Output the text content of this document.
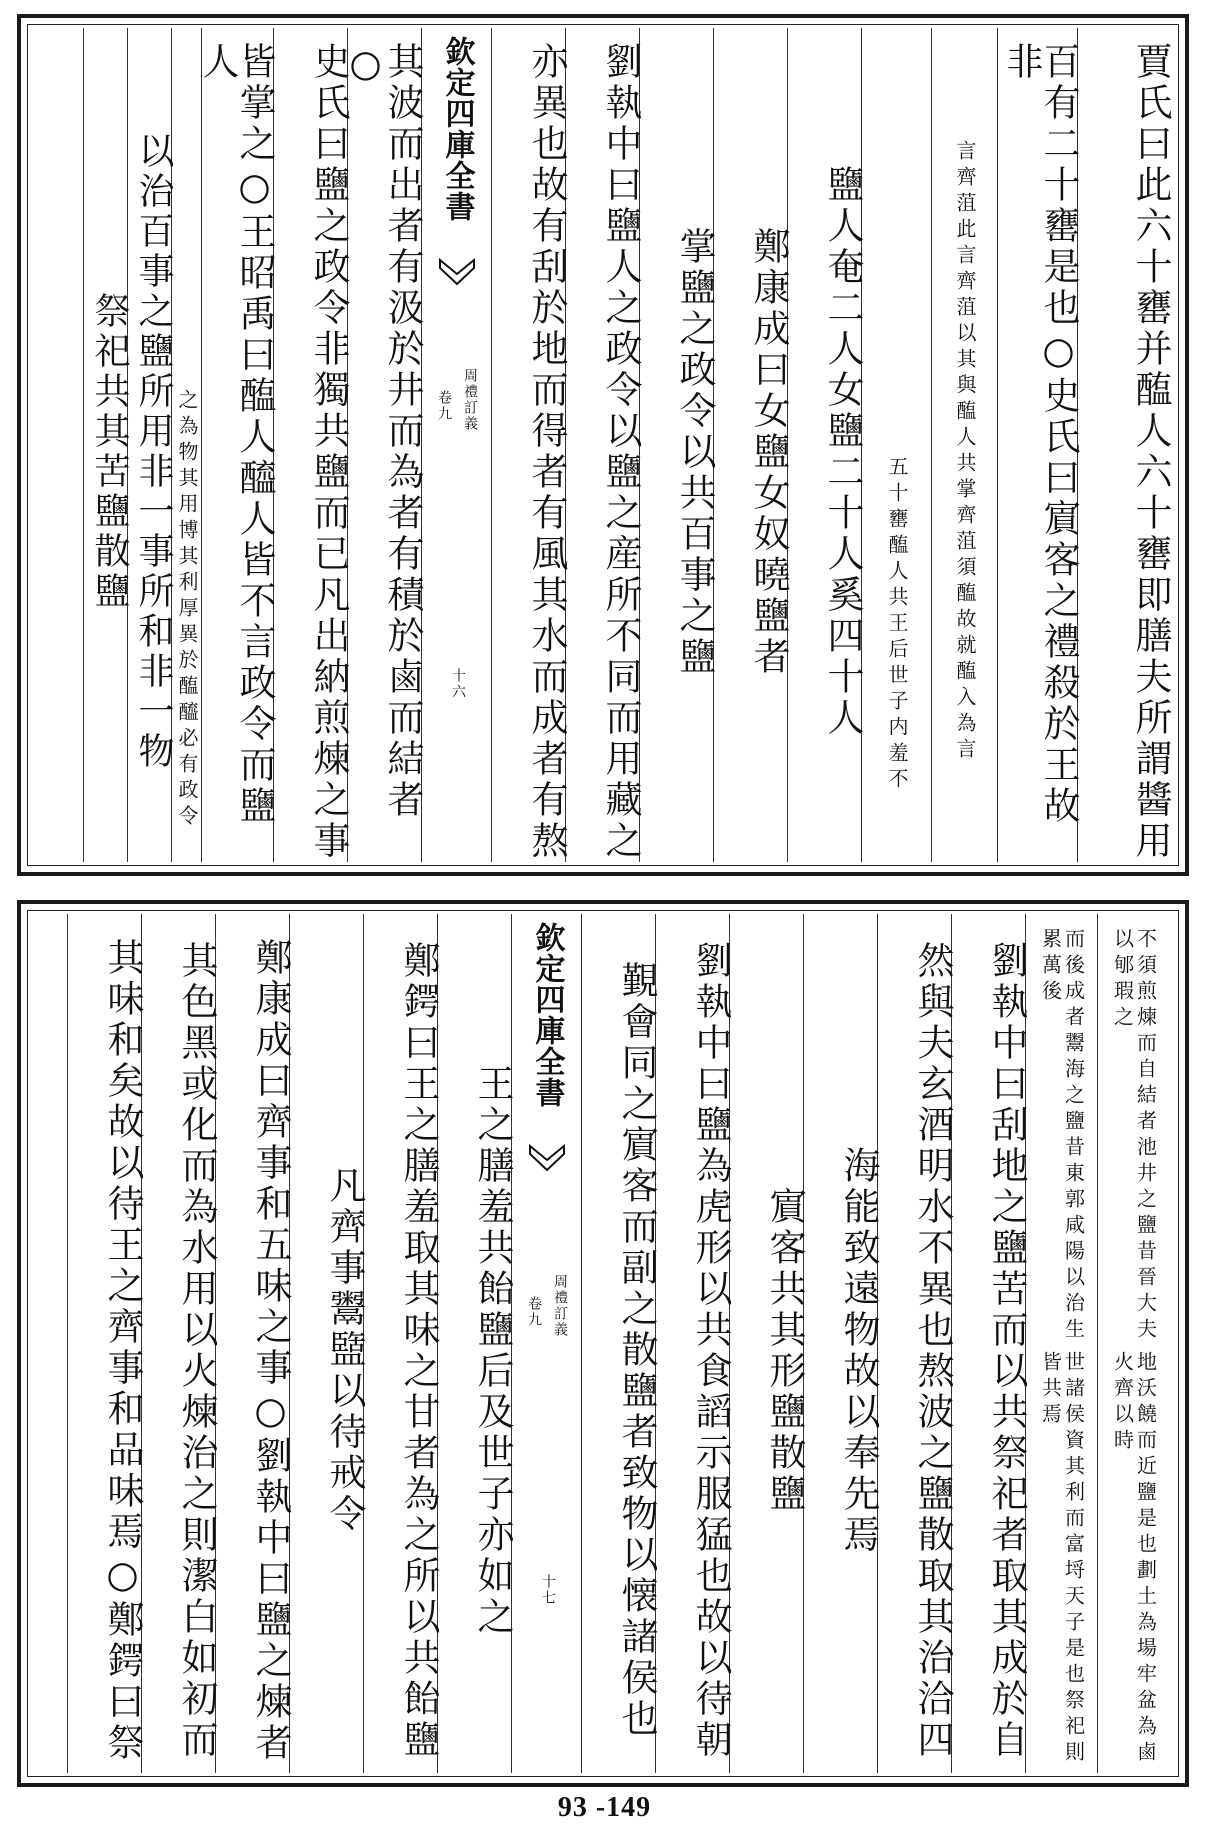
賈氏曰此六十罋并醢人六十罋即膳夫所謂醬用
百有二十罋是也○史氏曰賔客之禮殺於王故非
言齊菹此言齊菹以其與醢人
共掌齊菹須醢故就醢入為言
五十罋醢人共王后世子内羞不
鹽人奄二人女鹽二十人奚四十人
鄭康成曰女鹽女奴曉鹽者
掌鹽之政令以共百事之鹽
劉執中曰鹽人之政令以鹽之産所不同而用藏之
亦異也故有刮於地而得者有風其水而成者有熬
欽定四庫全書
周禮訂義
卷九
十六
其波而出者有汲於井而為者有積於鹵而結者○
史氏曰鹽之政令非獨共鹽而已凡出納煎煉之事
皆掌之○王昭禹曰醢人醯人皆不言政令而鹽人
之為物其用博其利厚異於醢醯必有政令
以治百事之鹽所用非一事所和非一物
祭祀共其苦鹽散鹽
不須煎煉而自結者池井之鹽昔晉大夫以郇瑕之
地沃饒而近鹽是也劃土為場牢盆為鹵火齊以時
而後成者鬻海之鹽昔東郭咸陽以治生累萬後
世諸侯資其利而富埒天子是也祭祀則皆共焉
劉執中曰刮地之鹽苦而以共祭祀者取其成於自
然與夫玄酒明水不異也熬波之鹽散取其治洽四
海能致遠物故以奉先焉
賔客共其形鹽散鹽
劉執中曰鹽為虎形以共食謟示服猛也故以待朝
覲會同之賔客而副之散鹽者致物以懐諸侯也
欽定四庫全書
周禮訂義
卷九
十七
王之膳羞共飴鹽后及世子亦如之
鄭鍔曰王之膳羞取其味之甘者為之所以共飴鹽
凡齊事鬻盬以待戒令
鄭康成曰齊事和五味之事○劉執中曰鹽之煉者
其色黑或化而為水用以火煉治之則潔白如初而
其味和矣故以待王之齊事和品味焉○鄭鍔曰祭
93 -149
